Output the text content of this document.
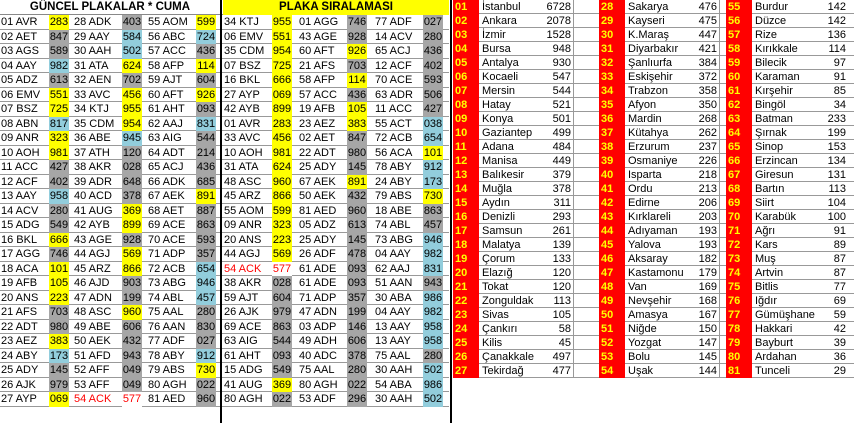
GÜNCEL PLAKALAR * CUMA	PLAKA SIRALAMASI
01 AVR	283 28 ADK	403 55 AOM 599 34 KTJ	955 01 AGG 746 77 ADF	027
02 AET	847 29 AAY	584 56 ABC	724 06 EMV 551 43 AGE 928 14 ACV	280
03 AGS 589 30 AAH	502 57 ACC 436 35 CDM 954 60 AFT	926 65 ACJ	436
04 AAY	982 31 ATA	624 58 AFP	114 07 BSZ	725 21 AFS	703 12 ACF	402
05 ADZ	613 32 AEN	702 59 AJT	604 16 BKL	666 58 AFP	114 70 ACE	593
06 EMV 551 33 AVC	456 60 AFT	926 27 AYP	069 57 ACC 436 63 ADR 506
07 BSZ	725 34 KTJ	955 61 AHT	093 42 AYB	899 19 AFB	105 11 ACC	427
08 ABN	817 35 CDM 954 62 AAJ	831 01 AVR	283 23 AEZ	383 55 ACT	038
09 ANR 323 36 ABE	945 63 AIG	544 33 AVC	456 02 AET	847 72 ACB	654
10 AOH 981 37 ATH	120 64 ADT	214 10 AOH 981 22 ADT	980 56 ACA	101
11 ACC	427 38 AKR	028 65 ACJ	436 31 ATA	624 25 ADY	145 78 ABY	912
12 ACF	402 39 ADR 648 66 ADK	685 48 ASC	960 67 AEK	891 24 ABY	173
13 AAY	958 40 ACD 378 67 AEK	891 45 ARZ	866 50 AEK	432 79 ABS	730
14 ACV	280 41 AUG 369 68 AET	887 55 AOM 599 81 AED	960 18 ABE	863
15 ADG 549 42 AYB	899 69 ACE	863 09 ANR 323 05 ADZ	613 74 ABL	457
16 BKL	666 43 AGE 928 70 ACE	593 20 ANS	223 25 ADY	145 73 ABG 946
17 AGG 746 44 AGJ	569 71 ADP	357 44 AGJ	569 26 ADF	478 04 AAY	982
18 ACA	101 45 ARZ	866 72 ACB	654 54 ACK	577 61 ADE	093 62 AAJ	831
19 AFB	105 46 AJD	903 73 ABG 946 38 AKR	028 61 ADE	093 51 AAN	943
20 ANS	223 47 ADN 199 74 ABL	457 59 AJT	604 71 ADP	357 30 ABA	986
21 AFS	703 48 ASC	960 75 AAL	280 26 AJK	979 47 ADN 199 04 AAY	982
22 ADT	980 49 ABE	606 76 AAN	830 69 ACE	863 03 ADP	146 13 AAY	958
23 AEZ	383 50 AEK	432 77 ADF	027 63 AIG	544 49 ADH 606 13 AAY	958
24 ABY	173 51 AFD	943 78 ABY	912 61 AHT	093 40 ADC 378 75 AAL	280
25 ADY	145 52 AFF	049 79 ABS	730 15 ADG 549 75 AAL	280 30 AAH	502
26 AJK	979 53 AFF	049 80 AGH 022 41 AUG 369 80 AGH 022 54 ABA	986
27 AYP	069 54 ACK	577 81 AED	960 80 AGH 022 53 ADF	296 30 AAH	502
01	İstanbul	6728	28	Sakarya	476 55	Burdur	142
02	Ankara	2078	29	Kayseri	475 56	Düzce	142
03	İzmir	1528	30	K.Maraş	447 57	Rize	136
04	Bursa	948	31	Diyarbakır	421 58	Kırıkkale	114
05	Antalya	930	32	Şanlıurfa	384 59	Bilecik	97
06	Kocaeli	547	33	Eskişehir	372 60	Karaman	91
07	Mersin	544	34	Trabzon	358 61	Kırşehir	85
08	Hatay	521	35	Afyon	350 62	Bingöl	34
09	Konya	501	36	Mardin	268 63	Batman	233
10	Gaziantep	499	37	Kütahya	262 64	Şırnak	199
11	Adana	484	38	Erzurum	237 65	Sinop	153
12	Manisa	449	39	Osmaniye	226 66	Erzincan	134
13	Balıkesir	379	40	Isparta	218 67	Giresun	131
14	Muğla	378	41	Ordu	213 68	Bartın	113
15	Aydın	311	42	Edirne	206 69	Siirt	104
16	Denizli	293	43	Kırklareli	203 70	Karabük	100
17	Samsun	261	44	Adıyaman	193 71	Ağrı	91
18	Malatya	139	45	Yalova	193 72	Kars	89
19	Çorum	133	46	Aksaray	182 73	Muş	87
20	Elazığ	120	47	Kastamonu	179 74	Artvin	87
21	Tokat	120	48	Van	169 75	Bitlis	77
22	Zonguldak	113	49	Nevşehir	168 76	Iğdır	69
23	Sivas	105	50	Amasya	167 77	Gümüşhane	59
24	Çankırı	58	51	Niğde	150 78	Hakkari	42
25	Kilis	45	52	Yozgat	147 79	Bayburt	39
26	Çanakkale	497	53	Bolu	145 80	Ardahan	36
27	Tekirdağ	477	54	Uşak	144 81	Tunceli	29
